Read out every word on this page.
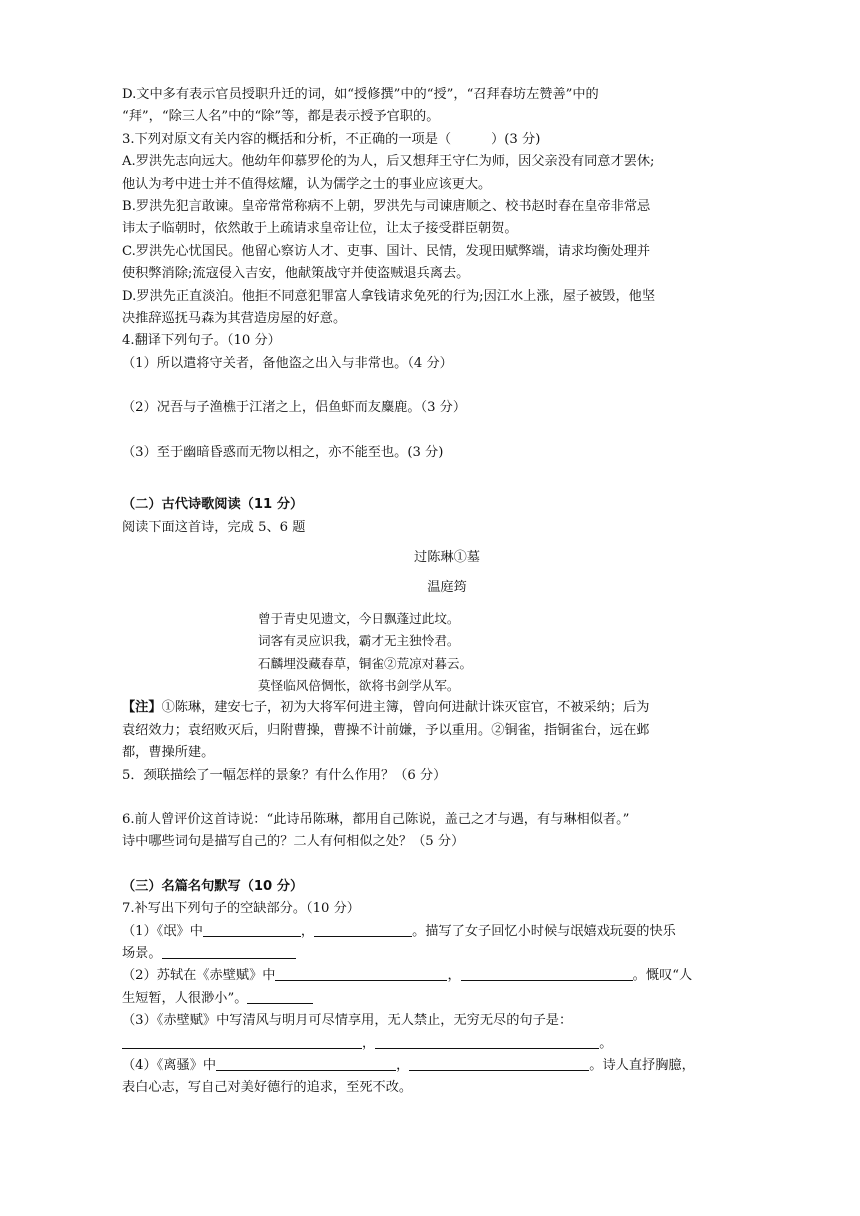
D.文中多有表示官员授职升迁的词，如“授修撰”中的“授”，“召拜春坊左赞善”中的
“拜”，“除三人名”中的“除”等，都是表示授予官职的。
3.下列对原文有关内容的概括和分析，不正确的一项是（	）(3 分)
A.罗洪先志向远大。他幼年仰慕罗伦的为人，后又想拜王守仁为师，因父亲没有同意才罢休;
他认为考中进士并不值得炫耀，认为儒学之士的事业应该更大。
B.罗洪先犯言敢谏。皇帝常常称病不上朝，罗洪先与司谏唐顺之、校书赵时春在皇帝非常忌
讳太子临朝时，依然敢于上疏请求皇帝让位，让太子接受群臣朝贺。
C.罗洪先心忧国民。他留心察访人才、吏事、国计、民情，发现田赋弊端，请求均衡处理并
使积弊消除;流寇侵入吉安，他献策战守并使盗贼退兵离去。
D.罗洪先正直淡泊。他拒不同意犯罪富人拿钱请求免死的行为;因江水上涨，屋子被毁，他坚
决推辞巡抚马森为其营造房屋的好意。
4.翻译下列句子。（10 分）
（1）所以遣将守关者，备他盗之出入与非常也。（4 分）
（2）况吾与子渔樵于江渚之上，侣鱼虾而友麋鹿。（3 分）
（3）至于幽暗昏惑而无物以相之，亦不能至也。(3 分)
（二）古代诗歌阅读（11 分）
阅读下面这首诗，完成 5、6 题
过陈琳①墓
温庭筠
曾于青史见遗文，今日飘蓬过此坟。
词客有灵应识我，霸才无主独怜君。
石麟埋没藏春草，铜雀②荒凉对暮云。
莫怪临风倍惆怅，欲将书剑学从军。
【注】①陈琳，建安七子，初为大将军何进主簿，曾向何进献计诛灭宦官，不被采纳；后为
袁绍效力；袁绍败灭后，归附曹操，曹操不计前嫌，予以重用。②铜雀，指铜雀台，远在邺
都，曹操所建。
5．颈联描绘了一幅怎样的景象？有什么作用？（6 分）
6.前人曾评价这首诗说：“此诗吊陈琳，都用自己陈说，盖己之才与遇，有与琳相似者。”
诗中哪些词句是描写自己的？二人有何相似之处？（5 分）
（三）名篇名句默写（10 分）
7.补写出下列句子的空缺部分。（10 分）
（1）《氓》中	，	。描写了女子回忆小时候与氓嬉戏玩耍的快乐
场景。
（2）苏轼在《赤壁赋》中	，	。慨叹“人
生短暂，人很渺小”。
（3）《赤壁赋》中写清风与明月可尽情享用，无人禁止，无穷无尽的句子是：
，	。
（4）《离骚》中	，	。诗人直抒胸臆，
表白心志，写自己对美好德行的追求，至死不改。
